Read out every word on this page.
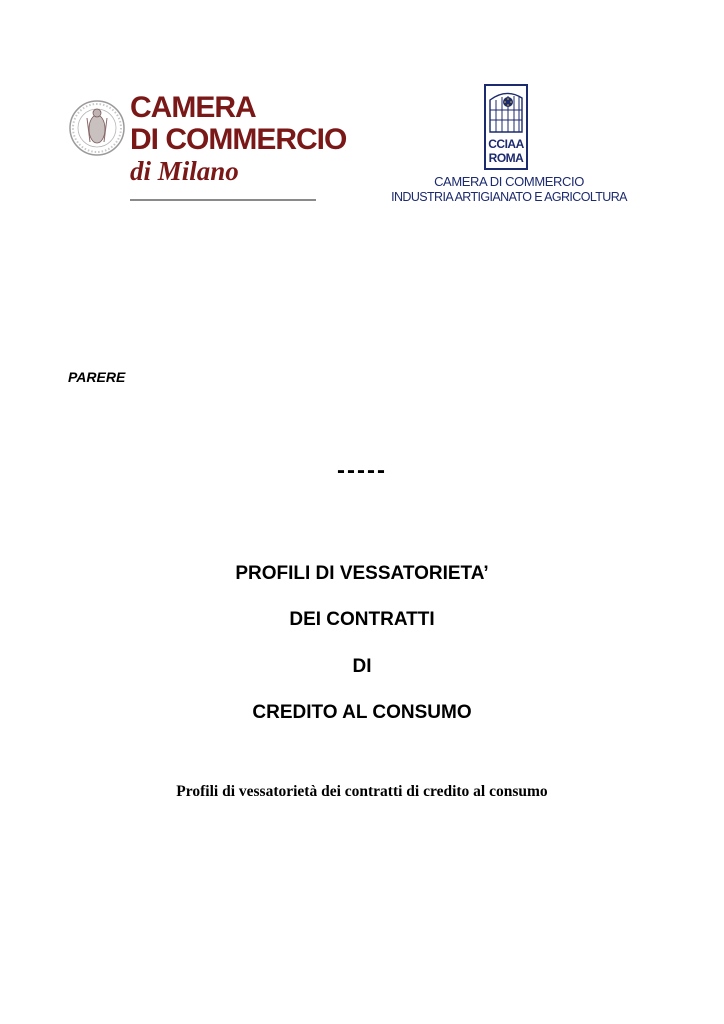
CAMERA
DI COMMERCIO
di Milano
CCIAA
ROMA
CAMERA DI COMMERCIO
INDUSTRIA ARTIGIANATO E AGRICOLTURA
PARERE
-----
PROFILI DI VESSATORIETA’
DEI CONTRATTI
DI
CREDITO AL CONSUMO
Profili di vessatorietà dei contratti di credito al consumo
